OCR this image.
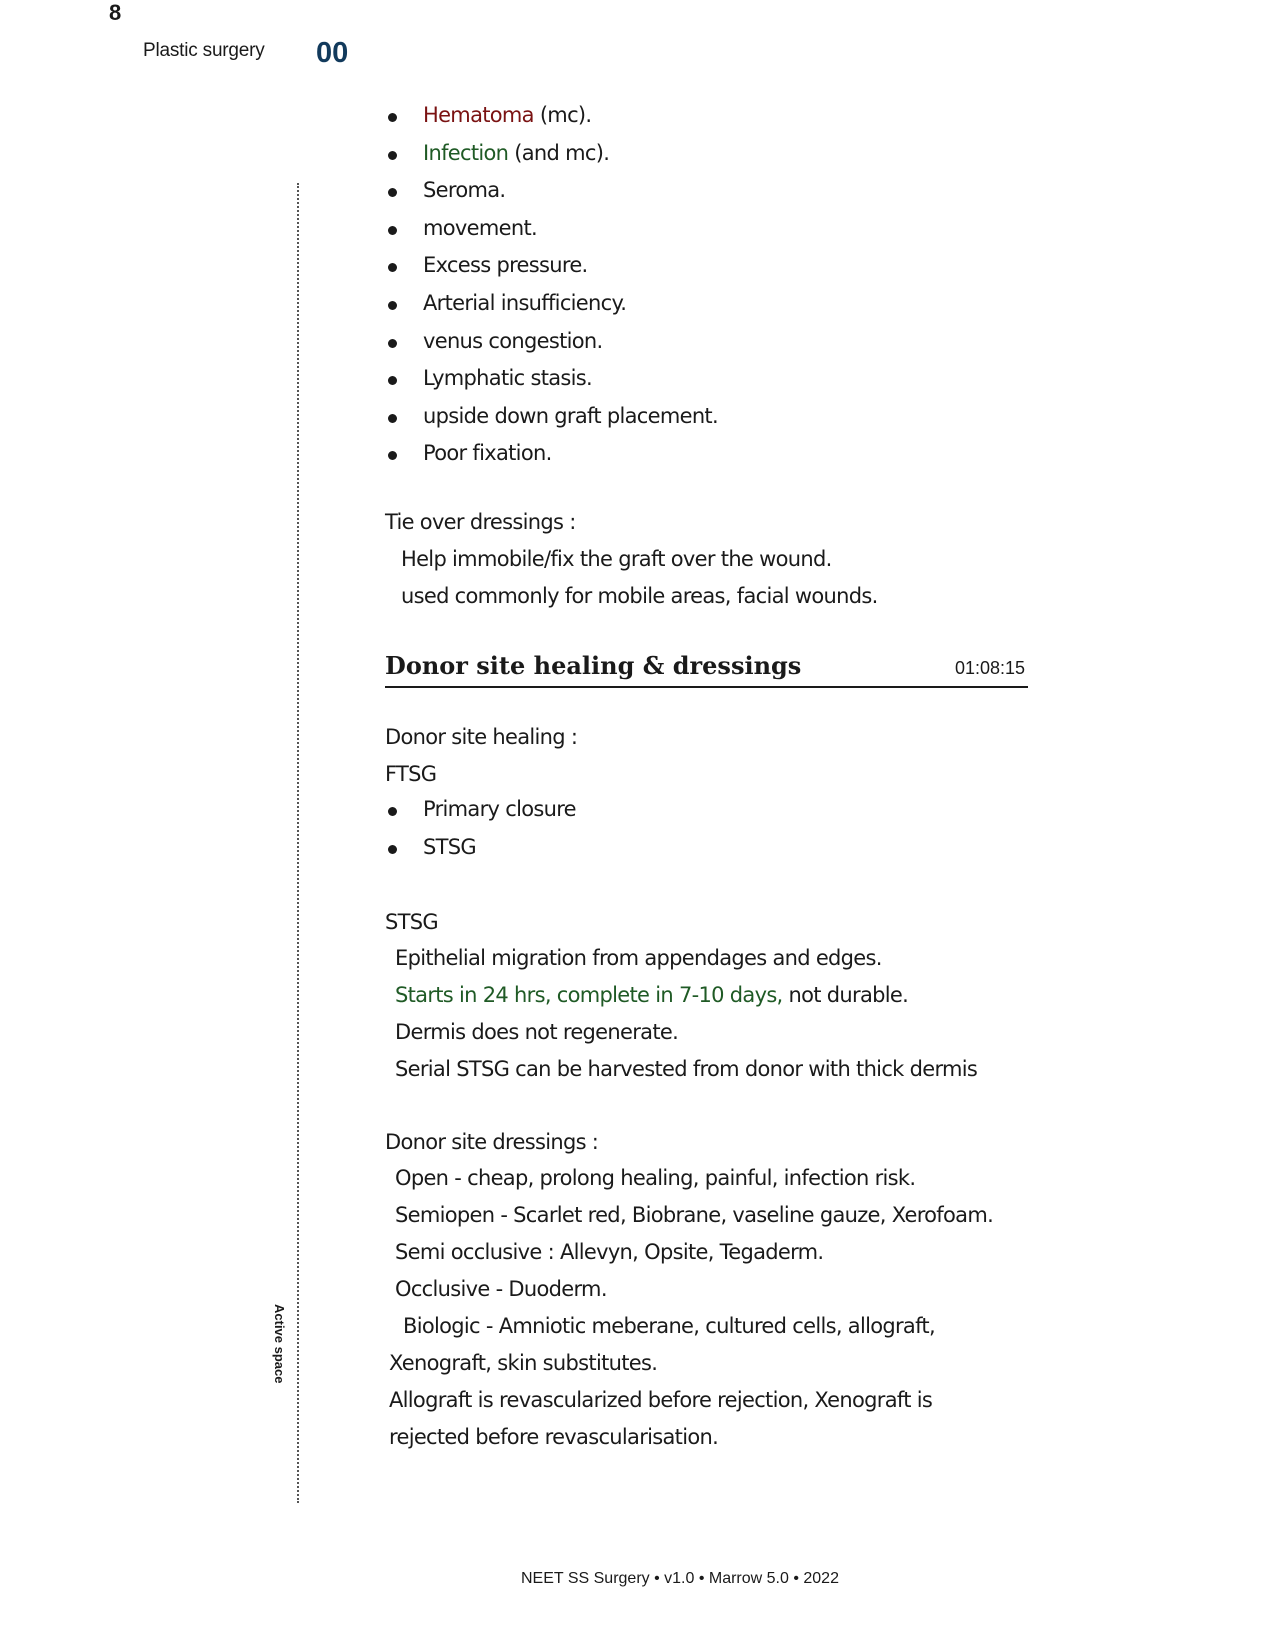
8
Plastic surgery 00
Active space
Hematoma (mc).
Infection (and mc).
Seroma.
movement.
Excess pressure.
Arterial insufficiency.
venus congestion.
Lymphatic stasis.
upside down graft placement.
Poor fixation.
Tie over dressings :
Help immobile/fix the graft over the wound.
used commonly for mobile areas, facial wounds.
Donor site healing & dressings	01:08:15
Donor site healing :
FTSG
Primary closure
STSG
STSG
Epithelial migration from appendages and edges.
Starts in 24 hrs, complete in 7-10 days, not durable.
Dermis does not regenerate.
Serial STSG can be harvested from donor with thick dermis
Donor site dressings :
Open - cheap, prolong healing, painful, infection risk.
Semiopen - Scarlet red, Biobrane, vaseline gauze, Xerofoam.
Semi occlusive : Allevyn, Opsite, Tegaderm.
Occlusive - Duoderm.
Biologic - Amniotic meberane, cultured cells, allograft,
Xenograft, skin substitutes.
Allograft is revascularized before rejection, Xenograft is
rejected before revascularisation.
NEET SS Surgery • v1.0 • Marrow 5.0 • 2022
